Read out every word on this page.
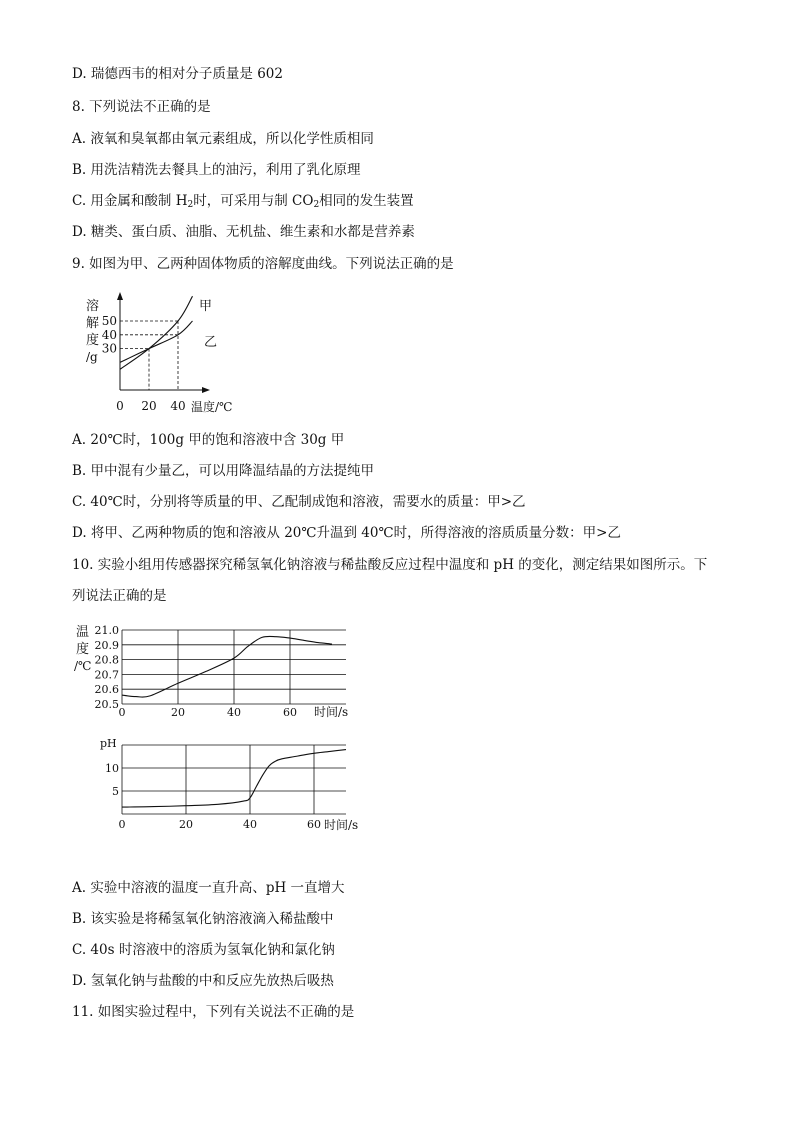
D. 瑞德西韦的相对分子质量是 602
8. 下列说法不正确的是
A. 液氧和臭氧都由氧元素组成，所以化学性质相同
B. 用洗洁精洗去餐具上的油污，利用了乳化原理
C. 用金属和酸制 $H_2$时，可采用与制 $CO_2$相同的发生装置
D. 糖类、蛋白质、油脂、无机盐、维生素和水都是营养素
9. 如图为甲、乙两种固体物质的溶解度曲线。下列说法正确的是
溶
解
度
/g
0 20 40
50
40
30
甲
乙
温度/℃
A. 20℃时，100g 甲的饱和溶液中含 30g 甲
B. 甲中混有少量乙，可以用降温结晶的方法提纯甲
C. 40℃时，分别将等质量的甲、乙配制成饱和溶液，需要水的质量：甲>乙
D. 将甲、乙两种物质的饱和溶液从 20℃升温到 40℃时，所得溶液的溶质质量分数：甲>乙
10. 实验小组用传感器探究稀氢氧化钠溶液与稀盐酸反应过程中温度和 pH 的变化，测定结果如图所示。下
列说法正确的是
温
度
/℃
21.0
20.9
20.8
20.7
20.6
20.5
0	20	40	60 时间/s
pH
10
5
0	20	40	60 时间/s
A. 实验中溶液的温度一直升高、pH 一直增大
B. 该实验是将稀氢氧化钠溶液滴入稀盐酸中
C. 40s 时溶液中的溶质为氢氧化钠和氯化钠
D. 氢氧化钠与盐酸的中和反应先放热后吸热
11. 如图实验过程中，下列有关说法不正确的是
